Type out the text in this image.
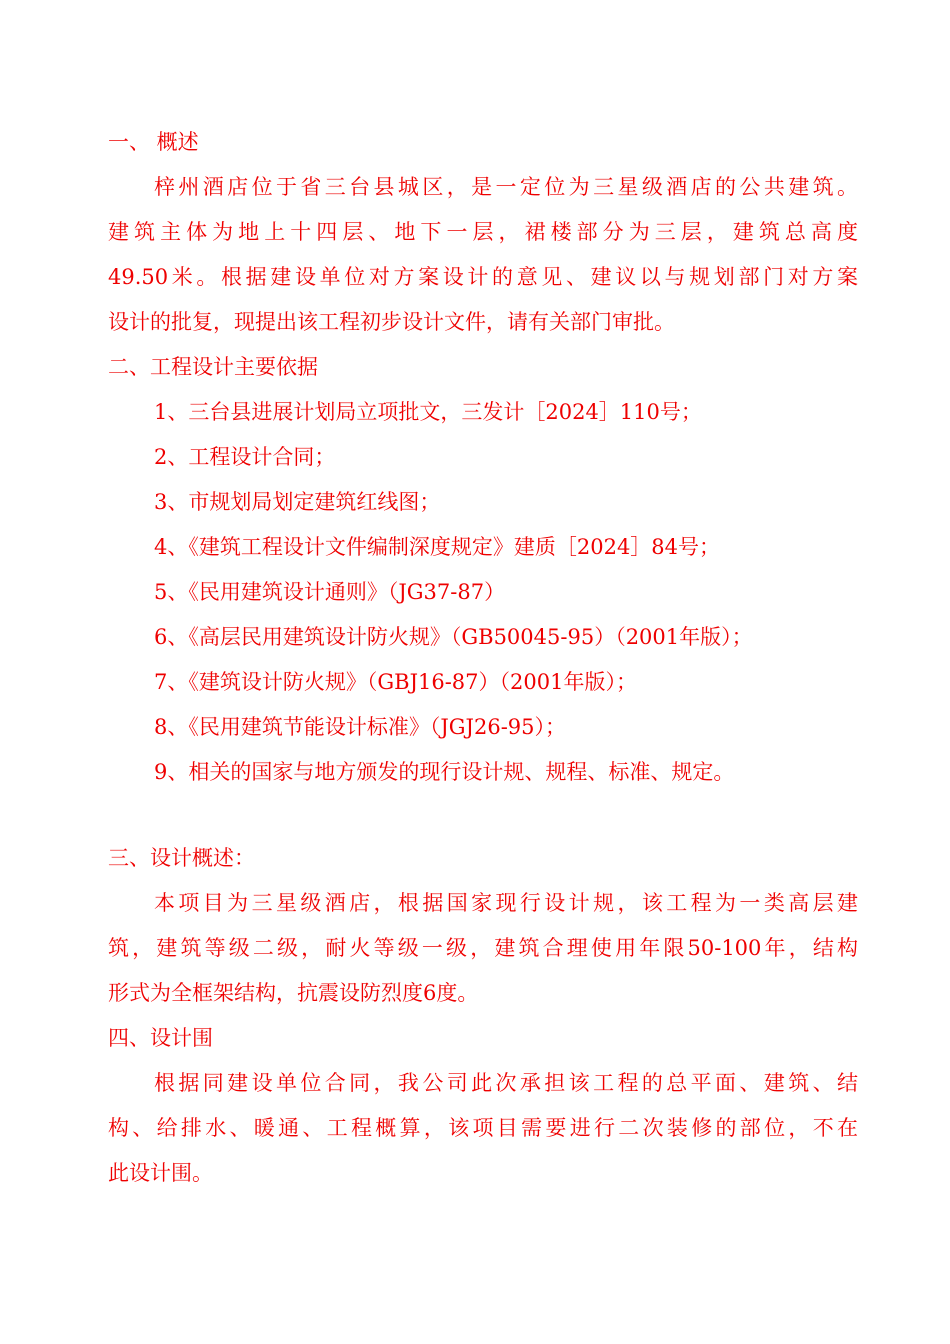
一、 概述
梓州酒店位于省三台县城区，是一定位为三星级酒店的公共建筑。
建筑主体为地上十四层、地下一层，裙楼部分为三层，建筑总高度
49.50米。根据建设单位对方案设计的意见、建议以与规划部门对方案
设计的批复，现提出该工程初步设计文件，请有关部门审批。
二、工程设计主要依据
1、三台县进展计划局立项批文，三发计［2024］110号；
2、工程设计合同；
3、市规划局划定建筑红线图；
4、《建筑工程设计文件编制深度规定》建质［2024］84号；
5、《民用建筑设计通则》（JG37-87）
6、《高层民用建筑设计防火规》（GB50045-95）（2001年版）；
7、《建筑设计防火规》（GBJ16-87）（2001年版）；
8、《民用建筑节能设计标准》（JGJ26-95）；
9、相关的国家与地方颁发的现行设计规、规程、标准、规定。
三、设计概述：
本项目为三星级酒店，根据国家现行设计规，该工程为一类高层建
筑，建筑等级二级，耐火等级一级，建筑合理使用年限50-100年，结构
形式为全框架结构，抗震设防烈度6度。
四、设计围
根据同建设单位合同，我公司此次承担该工程的总平面、建筑、结
构、给排水、暖通、工程概算，该项目需要进行二次装修的部位，不在
此设计围。
